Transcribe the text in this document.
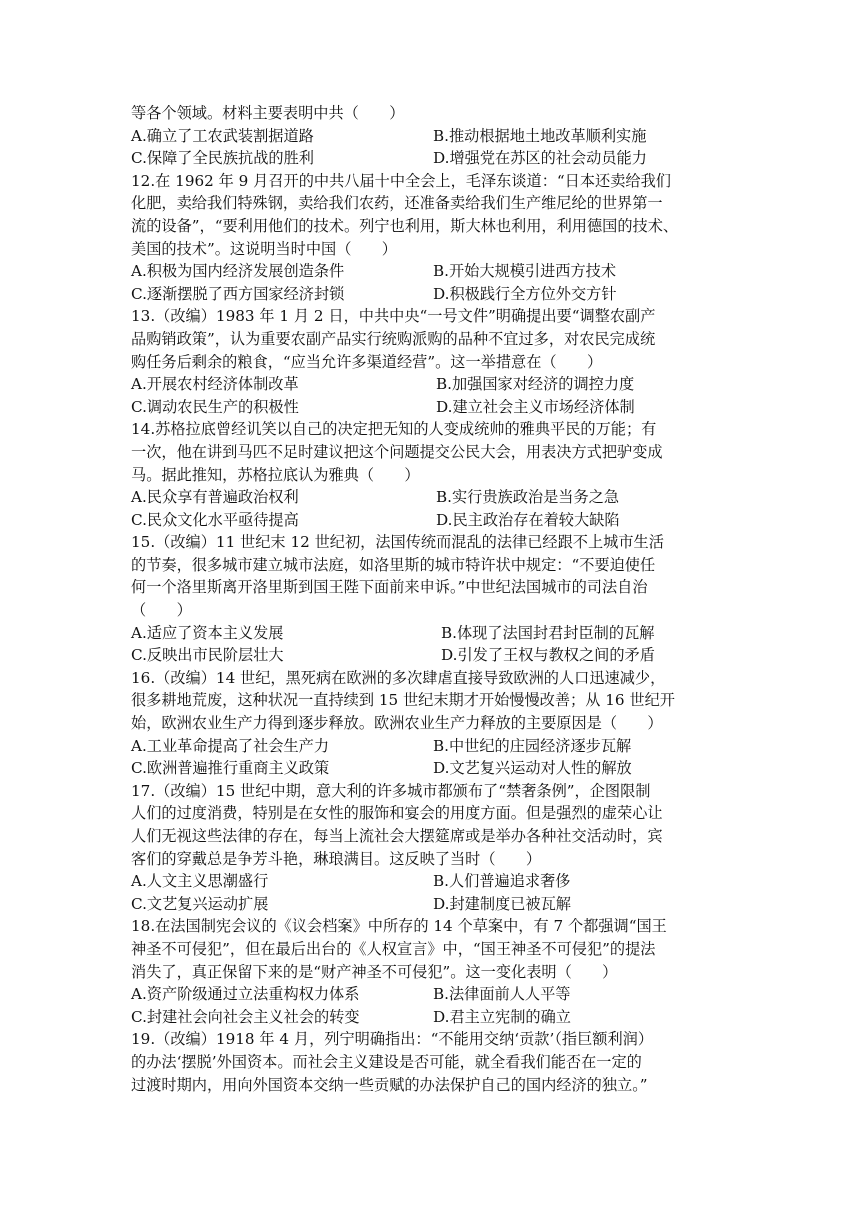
等各个领域。材料主要表明中共（　　）
A.确立了工农武装割据道路	B.推动根据地土地改革顺利实施
C.保障了全民族抗战的胜利	D.增强党在苏区的社会动员能力
12.在 1962 年 9 月召开的中共八届十中全会上，毛泽东谈道：“日本还卖给我们
化肥，卖给我们特殊钢，卖给我们农药，还准备卖给我们生产维尼纶的世界第一
流的设备”，“要利用他们的技术。列宁也利用，斯大林也利用，利用德国的技术、
美国的技术”。这说明当时中国（　　）
A.积极为国内经济发展创造条件	B.开始大规模引进西方技术
C.逐渐摆脱了西方国家经济封锁	D.积极践行全方位外交方针
13.（改编）1983 年 1 月 2 日，中共中央“一号文件”明确提出要“调整农副产
品购销政策”，认为重要农副产品实行统购派购的品种不宜过多，对农民完成统
购任务后剩余的粮食，“应当允许多渠道经营”。这一举措意在（　　）
A.开展农村经济体制改革	B.加强国家对经济的调控力度
C.调动农民生产的积极性	D.建立社会主义市场经济体制
14.苏格拉底曾经讥笑以自己的决定把无知的人变成统帅的雅典平民的万能；有
一次，他在讲到马匹不足时建议把这个问题提交公民大会，用表决方式把驴变成
马。据此推知，苏格拉底认为雅典（　　）
A.民众享有普遍政治权利	B.实行贵族政治是当务之急
C.民众文化水平亟待提高	D.民主政治存在着较大缺陷
15.（改编）11 世纪末 12 世纪初，法国传统而混乱的法律已经跟不上城市生活
的节奏，很多城市建立城市法庭，如洛里斯的城市特许状中规定：“不要迫使任
何一个洛里斯离开洛里斯到国王陛下面前来申诉。”中世纪法国城市的司法自治
（　　）
A.适应了资本主义发展	B.体现了法国封君封臣制的瓦解
C.反映出市民阶层壮大	D.引发了王权与教权之间的矛盾
16.（改编）14 世纪，黑死病在欧洲的多次肆虐直接导致欧洲的人口迅速减少，
很多耕地荒废，这种状况一直持续到 15 世纪末期才开始慢慢改善；从 16 世纪开
始，欧洲农业生产力得到逐步释放。欧洲农业生产力释放的主要原因是（　　）
A.工业革命提高了社会生产力	B.中世纪的庄园经济逐步瓦解
C.欧洲普遍推行重商主义政策	D.文艺复兴运动对人性的解放
17.（改编）15 世纪中期，意大利的许多城市都颁布了“禁奢条例”，企图限制
人们的过度消费，特别是在女性的服饰和宴会的用度方面。但是强烈的虚荣心让
人们无视这些法律的存在，每当上流社会大摆筵席或是举办各种社交活动时，宾
客们的穿戴总是争芳斗艳，琳琅满目。这反映了当时（　　）
A.人文主义思潮盛行	B.人们普遍追求奢侈
C.文艺复兴运动扩展	D.封建制度已被瓦解
18.在法国制宪会议的《议会档案》中所存的 14 个草案中，有 7 个都强调“国王
神圣不可侵犯”，但在最后出台的《人权宣言》中，“国王神圣不可侵犯”的提法
消失了，真正保留下来的是“财产神圣不可侵犯”。这一变化表明（　　）
A.资产阶级通过立法重构权力体系	B.法律面前人人平等
C.封建社会向社会主义社会的转变	D.君主立宪制的确立
19.（改编）1918 年 4 月，列宁明确指出：“不能用交纳‘贡款’（指巨额利润）
的办法‘摆脱’外国资本。而社会主义建设是否可能，就全看我们能否在一定的
过渡时期内，用向外国资本交纳一些贡赋的办法保护自己的国内经济的独立。”
